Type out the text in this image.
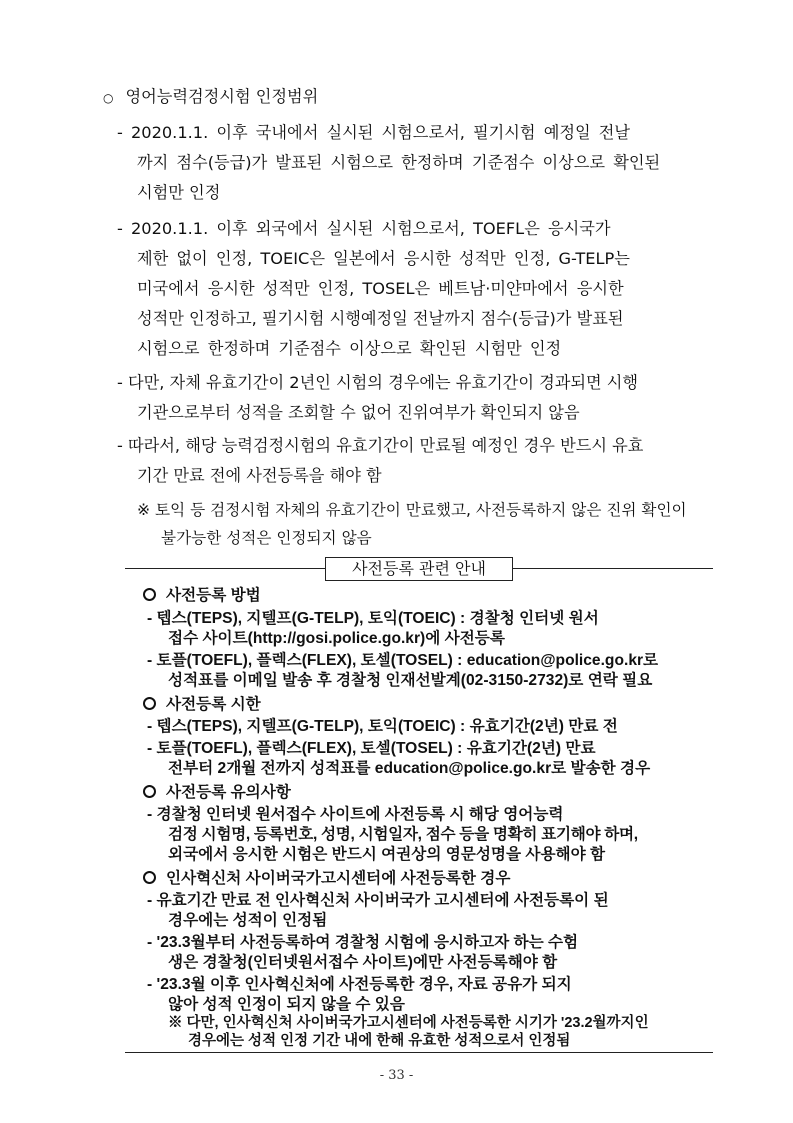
○ 영어능력검정시험 인정범위
- 2020.1.1. 이후 국내에서 실시된 시험으로서, 필기시험 예정일 전날
까지 점수(등급)가 발표된 시험으로 한정하며 기준점수 이상으로 확인된
시험만 인정
- 2020.1.1. 이후 외국에서 실시된 시험으로서, TOEFL은 응시국가
제한 없이 인정, TOEIC은 일본에서 응시한 성적만 인정, G-TELP는
미국에서 응시한 성적만 인정, TOSEL은 베트남·미얀마에서 응시한
성적만 인정하고, 필기시험 시행예정일 전날까지 점수(등급)가 발표된
시험으로 한정하며 기준점수 이상으로 확인된 시험만 인정
- 다만, 자체 유효기간이 2년인 시험의 경우에는 유효기간이 경과되면 시행
기관으로부터 성적을 조회할 수 없어 진위여부가 확인되지 않음
- 따라서, 해당 능력검정시험의 유효기간이 만료될 예정인 경우 반드시 유효
기간 만료 전에 사전등록을 해야 함
※ 토익 등 검정시험 자체의 유효기간이 만료했고, 사전등록하지 않은 진위 확인이
불가능한 성적은 인정되지 않음
사전등록 관련 안내
사전등록 방법
- 텝스(TEPS), 지텔프(G-TELP), 토익(TOEIC) : 경찰청 인터넷 원서
접수 사이트(http://gosi.police.go.kr)에 사전등록
- 토플(TOEFL), 플렉스(FLEX), 토셀(TOSEL) : education@police.go.kr로
성적표를 이메일 발송 후 경찰청 인재선발계(02-3150-2732)로 연락 필요
사전등록 시한
- 텝스(TEPS), 지텔프(G-TELP), 토익(TOEIC) : 유효기간(2년) 만료 전
- 토플(TOEFL), 플렉스(FLEX), 토셀(TOSEL) : 유효기간(2년) 만료
전부터 2개월 전까지 성적표를 education@police.go.kr로 발송한 경우
사전등록 유의사항
- 경찰청 인터넷 원서접수 사이트에 사전등록 시 해당 영어능력
검정 시험명, 등록번호, 성명, 시험일자, 점수 등을 명확히 표기해야 하며,
외국에서 응시한 시험은 반드시 여권상의 영문성명을 사용해야 함
인사혁신처 사이버국가고시센터에 사전등록한 경우
- 유효기간 만료 전 인사혁신처 사이버국가 고시센터에 사전등록이 된
경우에는 성적이 인정됨
- '23.3월부터 사전등록하여 경찰청 시험에 응시하고자 하는 수험
생은 경찰청(인터넷원서접수 사이트)에만 사전등록해야 함
- '23.3월 이후 인사혁신처에 사전등록한 경우, 자료 공유가 되지
않아 성적 인정이 되지 않을 수 있음
※ 다만, 인사혁신처 사이버국가고시센터에 사전등록한 시기가 '23.2월까지인
경우에는 성적 인정 기간 내에 한해 유효한 성적으로서 인정됨
- 33 -
